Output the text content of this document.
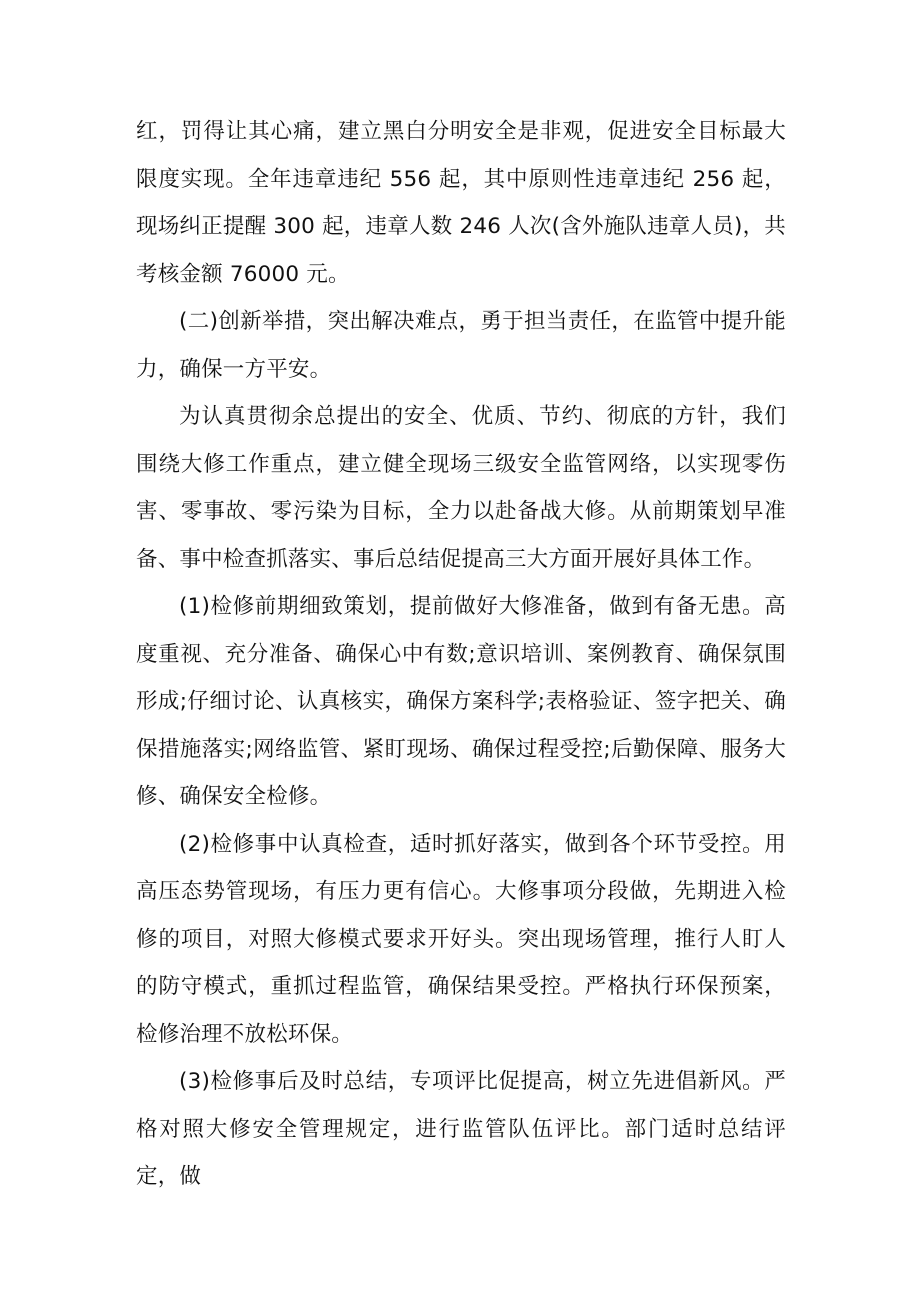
红，罚得让其心痛，建立黑白分明安全是非观，促进安全目标最大限度实现。全年违章违纪 556 起，其中原则性违章违纪 256 起，现场纠正提醒 300 起，违章人数 246 人次(含外施队违章人员)，共考核金额 76000 元。

(二)创新举措，突出解决难点，勇于担当责任，在监管中提升能力，确保一方平安。

为认真贯彻余总提出的安全、优质、节约、彻底的方针，我们围绕大修工作重点，建立健全现场三级安全监管网络，以实现零伤害、零事故、零污染为目标，全力以赴备战大修。从前期策划早准备、事中检查抓落实、事后总结促提高三大方面开展好具体工作。

(1)检修前期细致策划，提前做好大修准备，做到有备无患。高度重视、充分准备、确保心中有数;意识培训、案例教育、确保氛围形成;仔细讨论、认真核实，确保方案科学;表格验证、签字把关、确保措施落实;网络监管、紧盯现场、确保过程受控;后勤保障、服务大修、确保安全检修。

(2)检修事中认真检查，适时抓好落实，做到各个环节受控。用高压态势管现场，有压力更有信心。大修事项分段做，先期进入检修的项目，对照大修模式要求开好头。突出现场管理，推行人盯人的防守模式，重抓过程监管，确保结果受控。严格执行环保预案，检修治理不放松环保。

(3)检修事后及时总结，专项评比促提高，树立先进倡新风。严格对照大修安全管理规定，进行监管队伍评比。部门适时总结评定，做
